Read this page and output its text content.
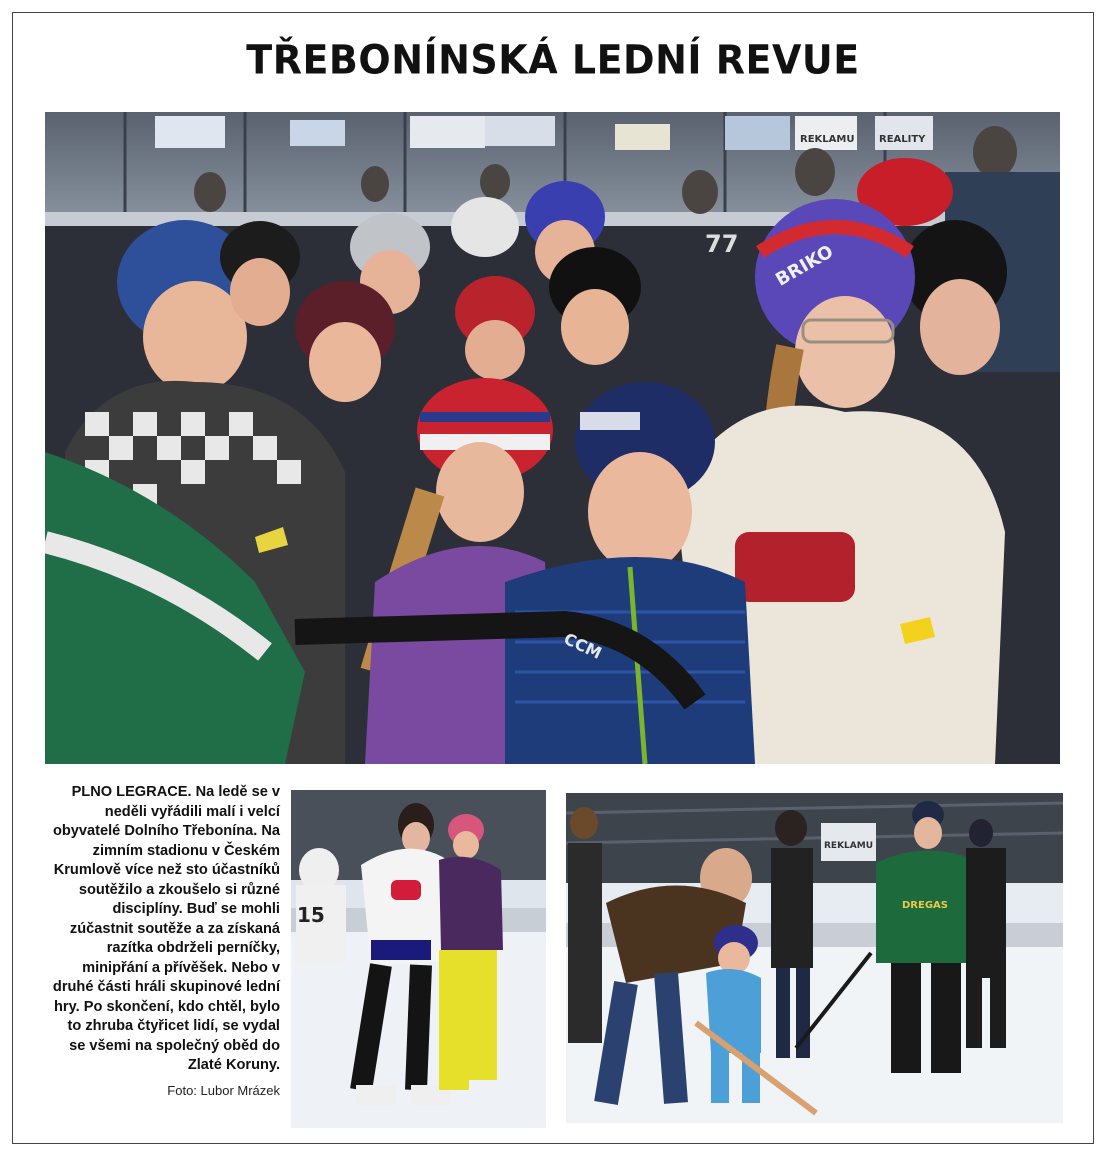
TŘEBONÍNSKÁ LEDNÍ REVUE
REKLAMU REALITY
77 BRIKO
CCM

PLNO LEGRACE. Na ledě se v neděli vyřádili malí i velcí obyvatelé Dolního Třebonína. Na zimním stadionu v Českém Krumlově více než sto účastníků soutěžilo a zkoušelo si různé disciplíny. Buď se mohli zúčastnit soutěže a za získaná razítka obdrželi perníčky, minipřání a přívěšek. Nebo v druhé části hráli skupinové lední hry. Po skončení, kdo chtěl, bylo to zhruba čtyřicet lidí, se vydal se všemi na společný oběd do Zlaté Koruny.

Foto: Lubor Mrázek
15
REKLAMU
DREGAS
